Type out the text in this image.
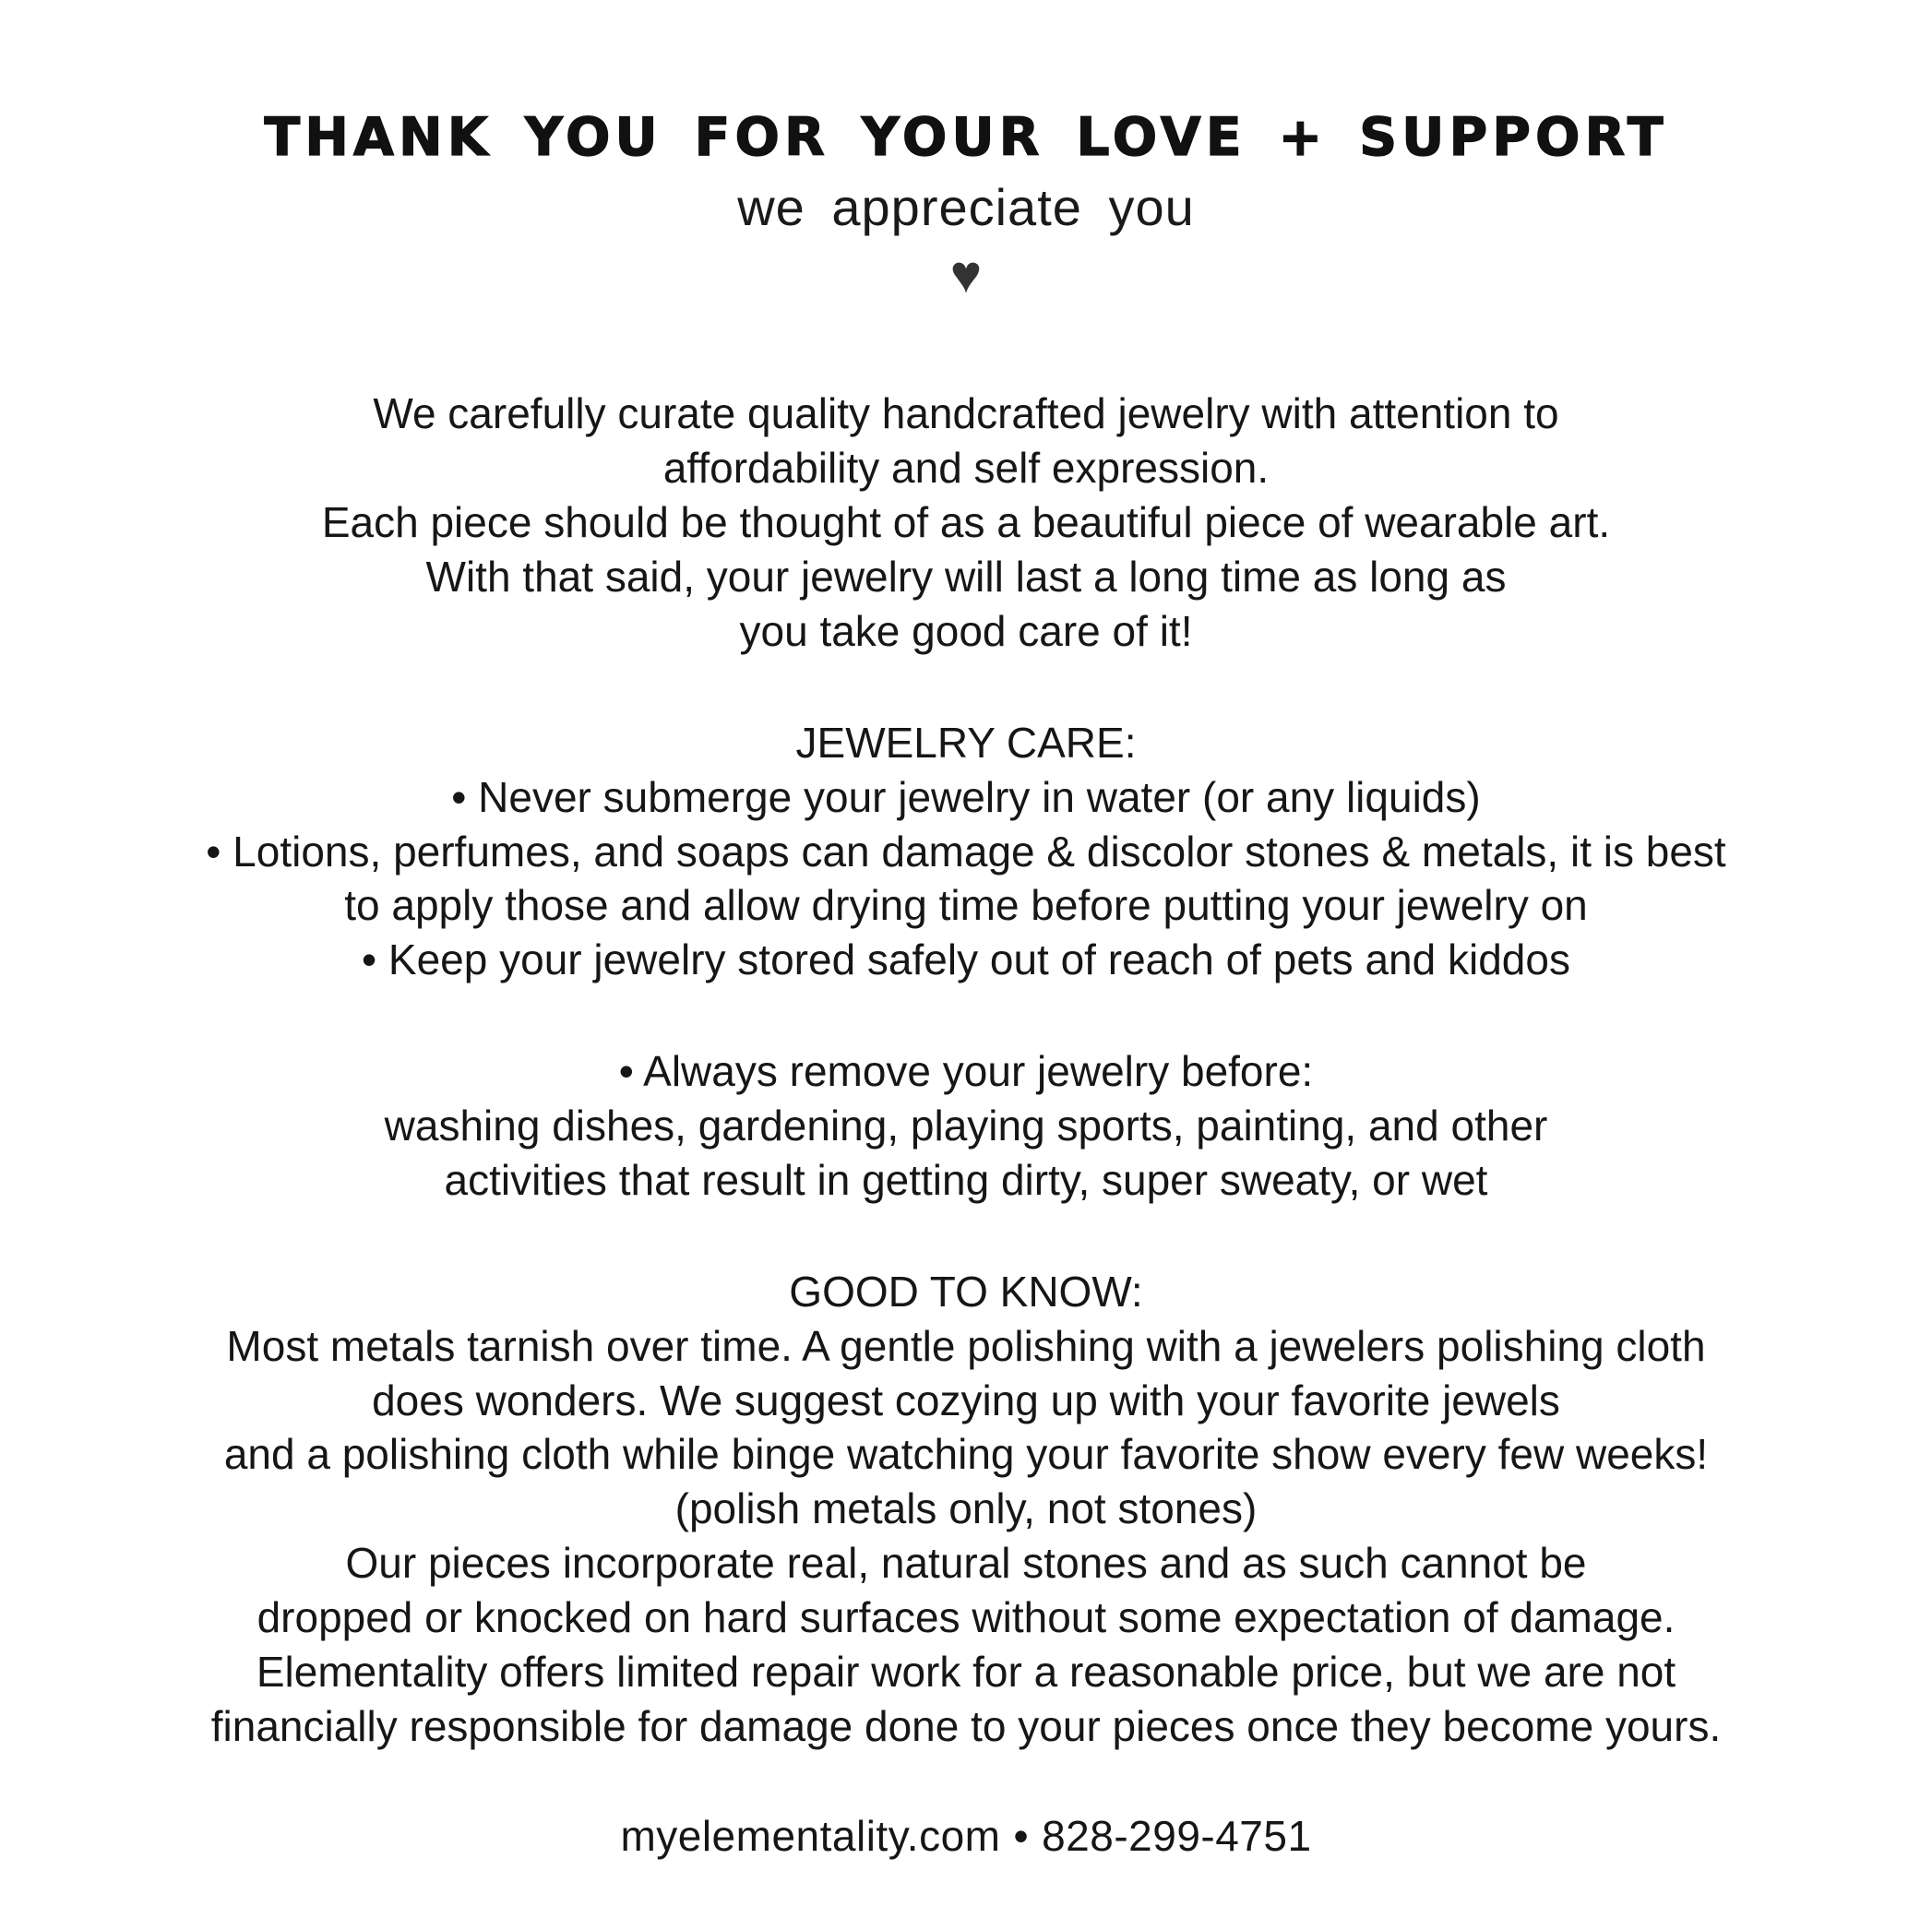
THANK YOU FOR YOUR LOVE + SUPPORT
we appreciate you
♥

We carefully curate quality handcrafted jewelry with attention to

affordability and self expression.

Each piece should be thought of as a beautiful piece of wearable art.

With that said, your jewelry will last a long time as long as

you take good care of it!

JEWELRY CARE:

• Never submerge your jewelry in water (or any liquids)

• Lotions, perfumes, and soaps can damage & discolor stones & metals, it is best

to apply those and allow drying time before putting your jewelry on

• Keep your jewelry stored safely out of reach of pets and kiddos

• Always remove your jewelry before:

washing dishes, gardening, playing sports, painting, and other

activities that result in getting dirty, super sweaty, or wet

GOOD TO KNOW:

Most metals tarnish over time. A gentle polishing with a jewelers polishing cloth

does wonders. We suggest cozying up with your favorite jewels

and a polishing cloth while binge watching your favorite show every few weeks!

(polish metals only, not stones)

Our pieces incorporate real, natural stones and as such cannot be

dropped or knocked on hard surfaces without some expectation of damage.

Elementality offers limited repair work for a reasonable price, but we are not

financially responsible for damage done to your pieces once they become yours.

myelementality.com • 828-299-4751
